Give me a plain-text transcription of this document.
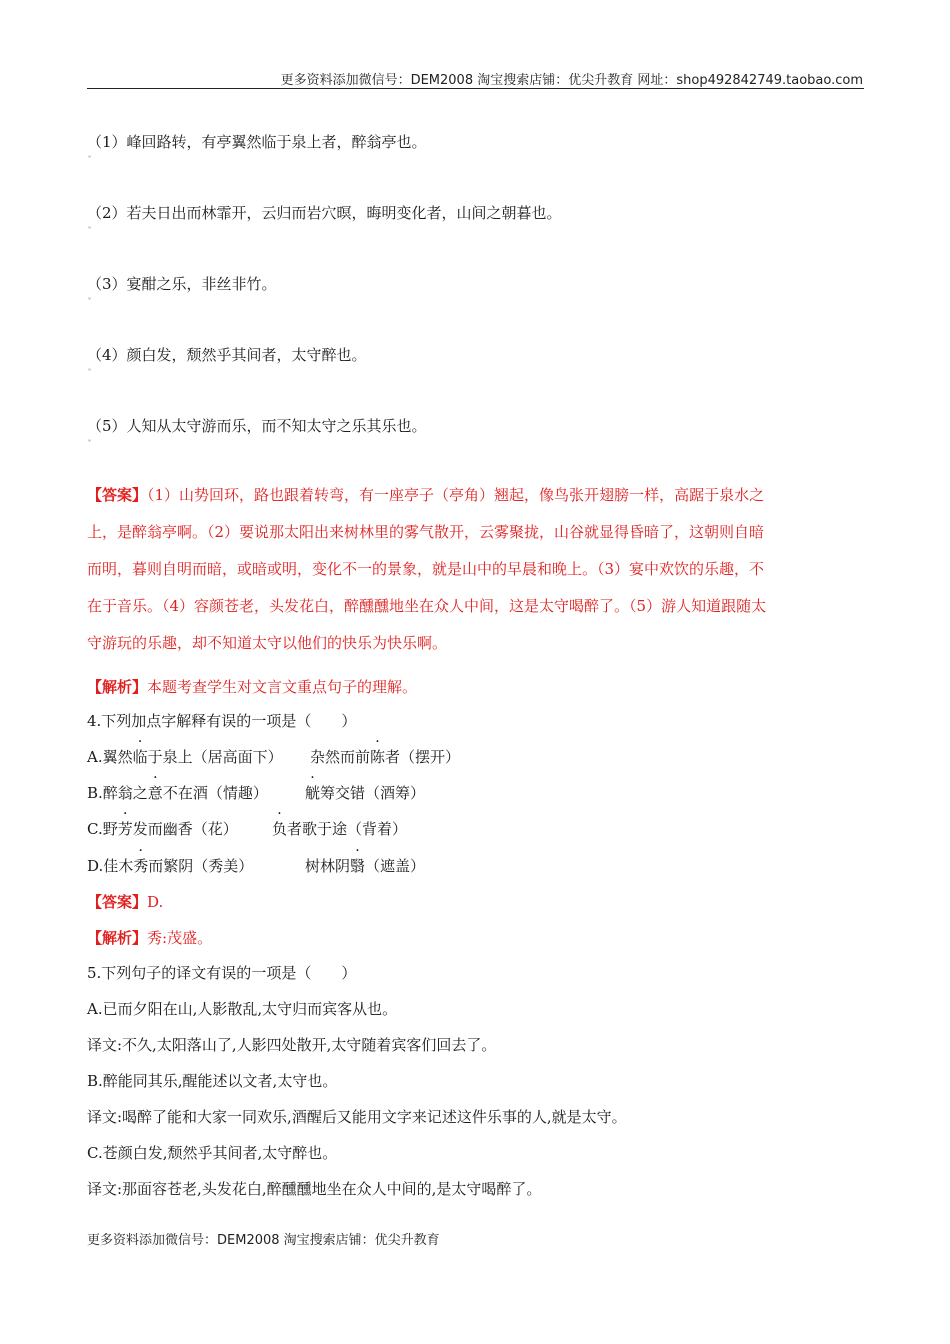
更多资料添加微信号：DEM2008 淘宝搜索店铺：优尖升教育 网址：shop492842749.taobao.com
（1）峰回路转，有亭翼然临于泉上者，醉翁亭也。
ˇ
（2）若夫日出而林霏开，云归而岩穴暝，晦明变化者，山间之朝暮也。
ˇ
（3）宴酣之乐，非丝非竹。
ˇ
（4）颜白发，颓然乎其间者，太守醉也。
ˇ
（5）人知从太守游而乐，而不知太守之乐其乐也。
ˇ
【答案】（1）山势回环，路也跟着转弯，有一座亭子（亭角）翘起，像鸟张开翅膀一样，高踞于泉水之
上，是醉翁亭啊。（2）要说那太阳出来树林里的雾气散开，云雾聚拢，山谷就显得昏暗了，这朝则自暗
而明，暮则自明而暗，或暗或明，变化不一的景象，就是山中的早晨和晚上。（3）宴中欢饮的乐趣，不
在于音乐。（4）容颜苍老，头发花白，醉醺醺地坐在众人中间，这是太守喝醉了。（5）游人知道跟随太
守游玩的乐趣，却不知道太守以他们的快乐为快乐啊。
【解析】本题考查学生对文言文重点句子的理解。
4.下列加点字解释有误的一项是（　　）
A.翼然临于泉上（居高面下） 杂然而前陈者（摆开）
B.醉翁之意不在酒（情趣） 觥筹交错（酒筹）
C.野芳发而幽香（花） 负者歌于途（背着）
D.佳木秀而繁阴（秀美）	树林阴翳（遮盖）
【答案】D.
【解析】秀:茂盛。
5.下列句子的译文有误的一项是（　　）
A.已而夕阳在山,人影散乱,太守归而宾客从也。
译文:不久,太阳落山了,人影四处散开,太守随着宾客们回去了。
B.醉能同其乐,醒能述以文者,太守也。
译文:喝醉了能和大家一同欢乐,酒醒后又能用文字来记述这件乐事的人,就是太守。
C.苍颜白发,颓然乎其间者,太守醉也。
译文:那面容苍老,头发花白,醉醺醺地坐在众人中间的,是太守喝醉了。
更多资料添加微信号：DEM2008 淘宝搜索店铺：优尖升教育
